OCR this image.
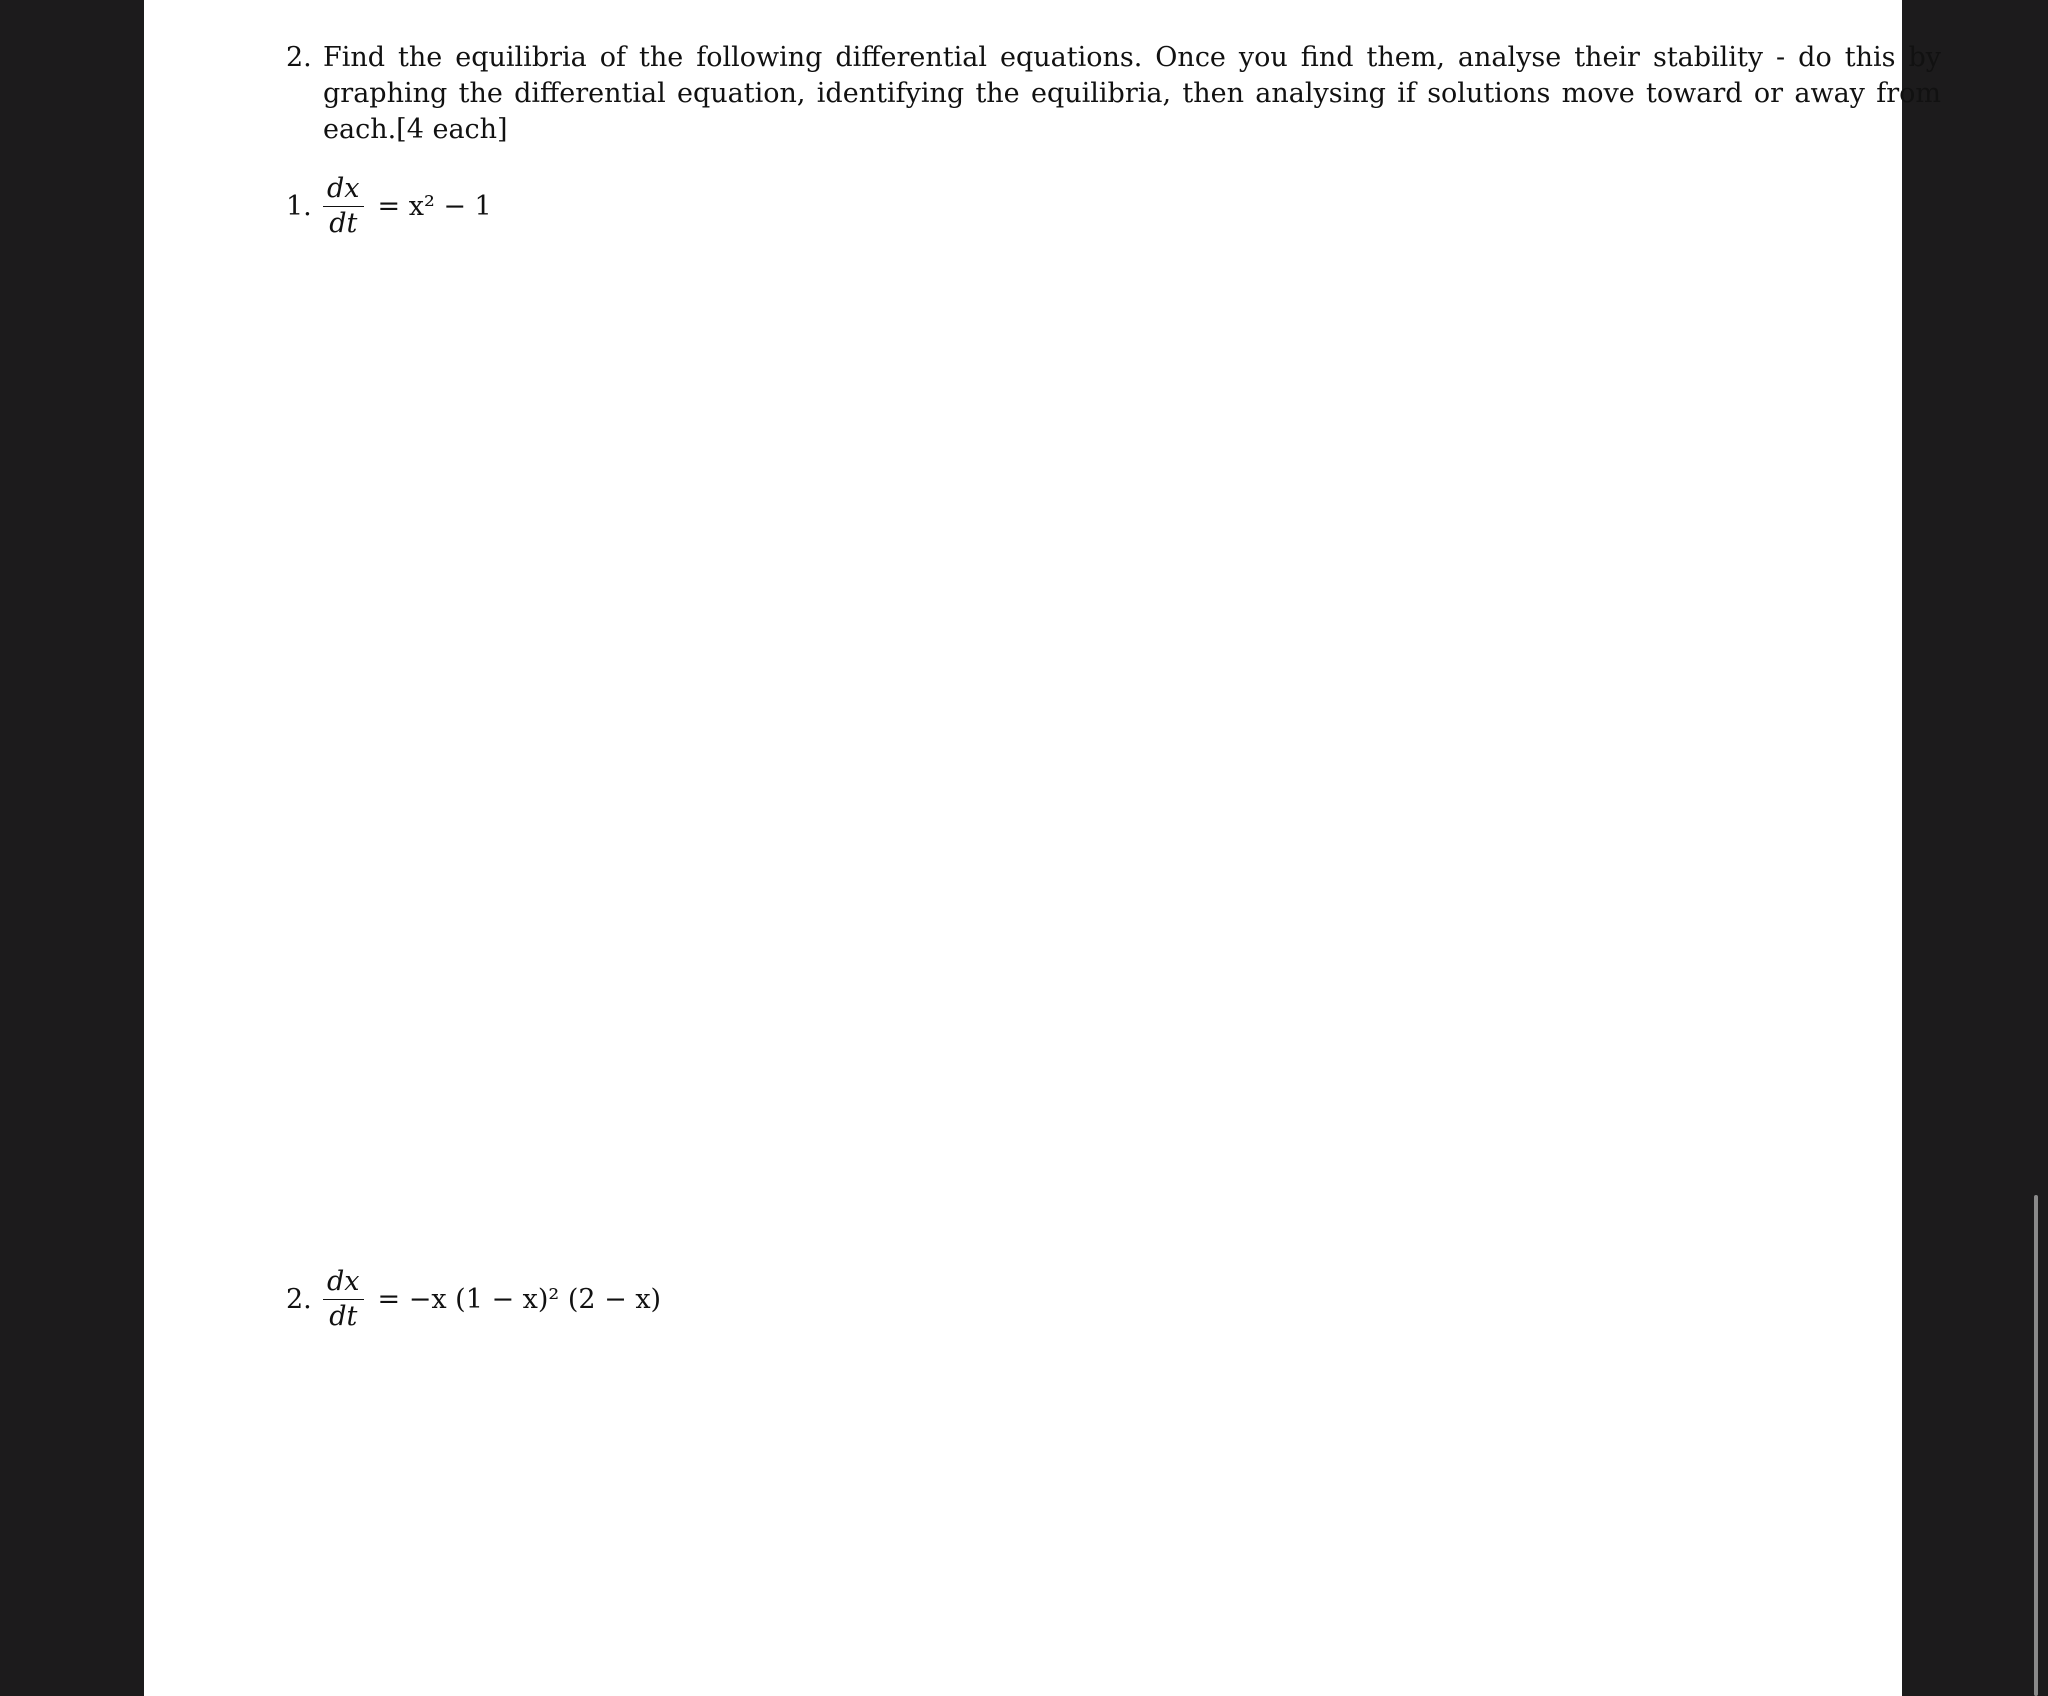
2. Find the equilibria of the following differential equations. Once you find them, analyse their stability - do this by graphing the differential equation, identifying the equilibria, then analysing if solutions move toward or away from each.[4 each]
1. $\frac{dx}{dt} = x^2 - 1$
2. $\frac{dx}{dt} = -x$ (1 − x)² (2 − x)
